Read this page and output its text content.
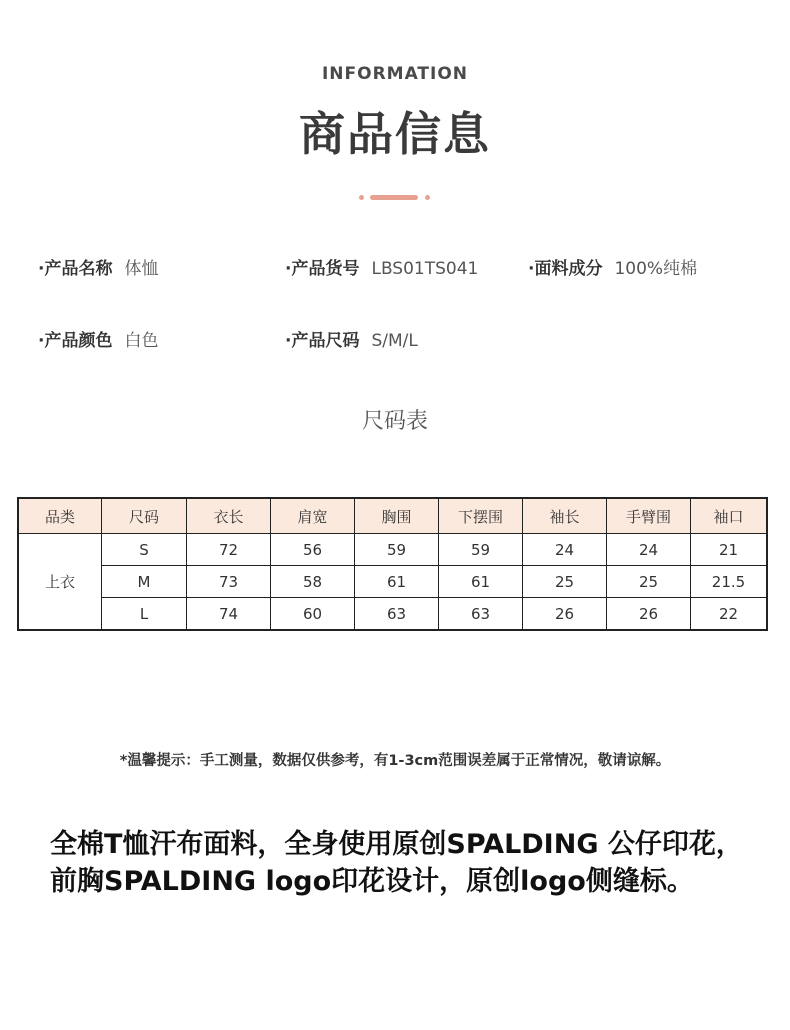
INFORMATION
商品信息
·产品名称 体恤	·产品货号 LBS01TS041	·面料成分 100%纯棉
·产品颜色 白色	·产品尺码 S/M/L
尺码表
品类	尺码	衣长	肩宽	胸围	下摆围	袖长	手臂围	袖口
上衣	S	72	56	59	59	24	24	21
	M	73	58	61	61	25	25	21.5
	L	74	60	63	63	26	26	22
*温馨提示：手工测量，数据仅供参考，有1-3cm范围误差属于正常情况，敬请谅解。
全棉T恤汗布面料，全身使用原创SPALDING 公仔印花，前胸SPALDING logo印花设计，原创logo侧缝标。
